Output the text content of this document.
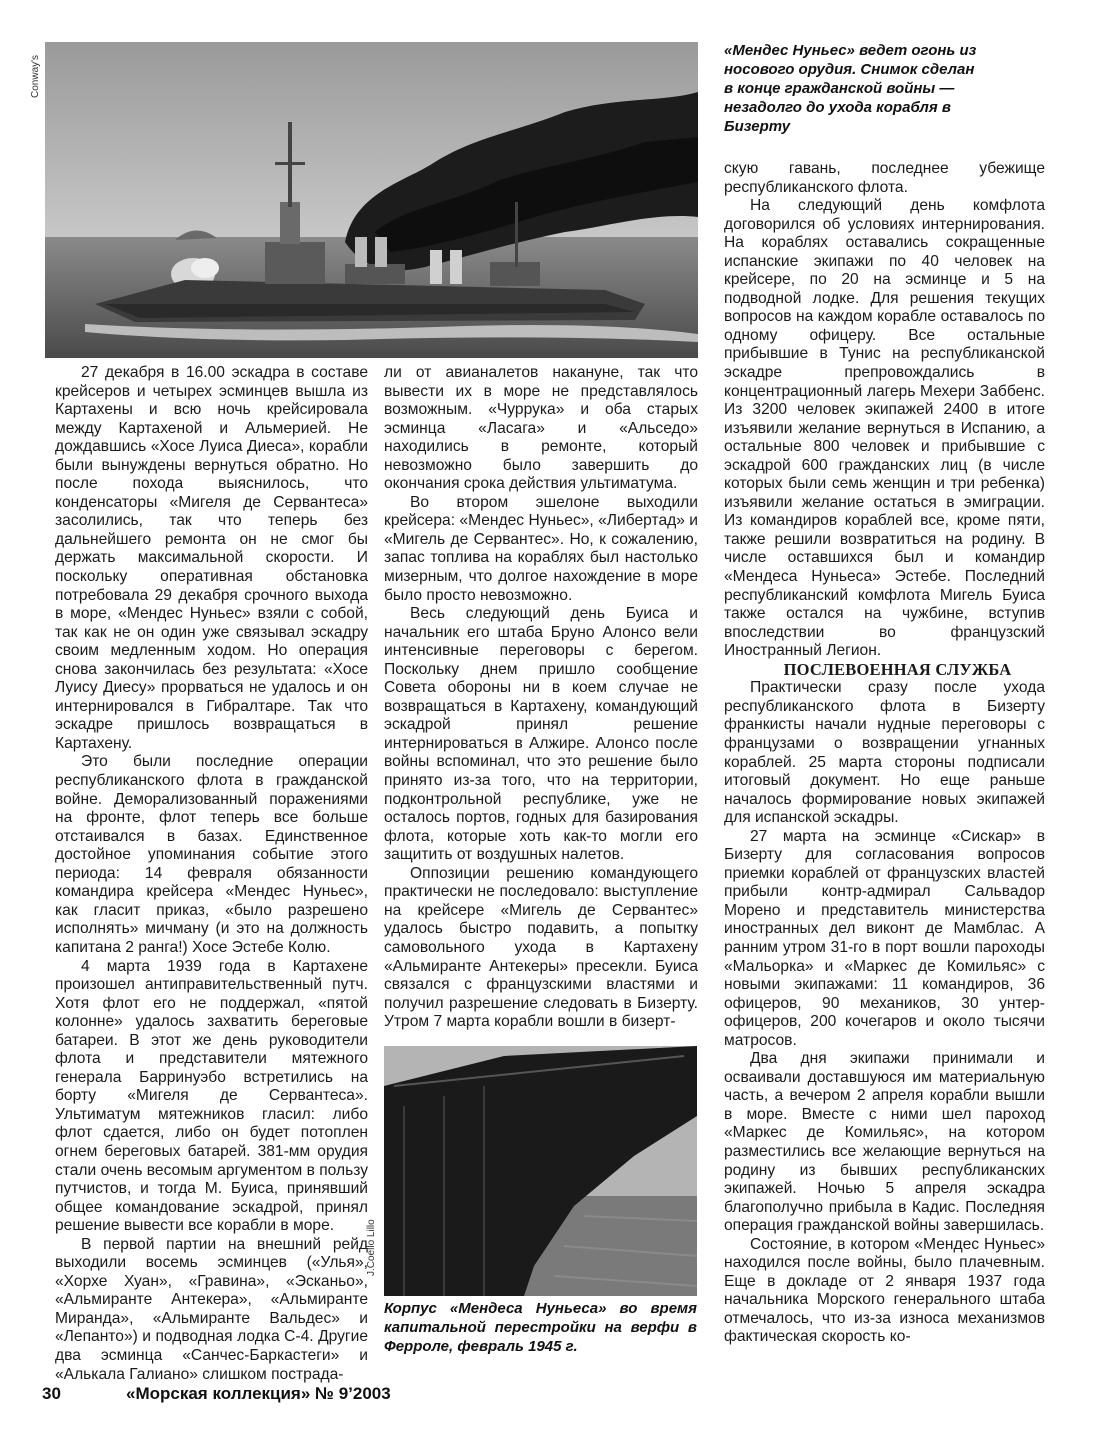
Conway's
«Мендес Нуньес» ведет огонь из носового орудия. Снимок сделан в конце гражданской войны — незадолго до ухода корабля в Бизерту

27 декабря в 16.00 эскадра в составе крейсеров и четырех эсминцев вышла из Картахены и всю ночь крейсировала между Картахеной и Альмерией. Не дождавшись «Хосе Луиса Диеса», корабли были вынуждены вернуться обратно. Но после похода выяснилось, что конденсаторы «Мигеля де Сервантеса» засолились, так что теперь без дальнейшего ремонта он не смог бы держать максимальной скорости. И поскольку оперативная обстановка потребовала 29 декабря срочного выхода в море, «Мендес Нуньес» взяли с собой, так как не он один уже связывал эскадру своим медленным ходом. Но операция снова закончилась без результата: «Хосе Луису Диесу» прорваться не удалось и он интернировался в Гибралтаре. Так что эскадре пришлось возвращаться в Картахену.

Это были последние операции республиканского флота в гражданской войне. Деморализованный поражениями на фронте, флот теперь все больше отстаивался в базах. Единственное достойное упоминания событие этого периода: 14 февраля обязанности командира крейсера «Мендес Нуньес», как гласит приказ, «было разрешено исполнять» мичману (и это на должность капитана 2 ранга!) Хосе Эстебе Колю.

4 марта 1939 года в Картахене произошел антиправительственный путч. Хотя флот его не поддержал, «пятой колонне» удалось захватить береговые батареи. В этот же день руководители флота и представители мятежного генерала Барринуэбо встретились на борту «Мигеля де Сервантеса». Ультиматум мятежников гласил: либо флот сдается, либо он будет потоплен огнем береговых батарей. 381-мм орудия стали очень весомым аргументом в пользу путчистов, и тогда М. Буиса, принявший общее командование эскадрой, принял решение вывести все корабли в море.

В первой партии на внешний рейд выходили восемь эсминцев («Улья», «Хорхе Хуан», «Гравина», «Эсканьо», «Альмиранте Антекера», «Альмиранте Миранда», «Альмиранте Вальдес» и «Лепанто») и подводная лодка С-4. Другие два эсминца «Санчес-Баркастеги» и «Алькала Галиано» слишком пострада-

ли от авианалетов накануне, так что вывести их в море не представлялось возможным. «Чуррука» и оба старых эсминца «Ласага» и «Альседо» находились в ремонте, который невозможно было завершить до окончания срока действия ультиматума.

Во втором эшелоне выходили крейсера: «Мендес Нуньес», «Либертад» и «Мигель де Сервантес». Но, к сожалению, запас топлива на кораблях был настолько мизерным, что долгое нахождение в море было просто невозможно.

Весь следующий день Буиса и начальник его штаба Бруно Алонсо вели интенсивные переговоры с берегом. Поскольку днем пришло сообщение Совета обороны ни в коем случае не возвращаться в Картахену, командующий эскадрой принял решение интернироваться в Алжире. Алонсо после войны вспоминал, что это решение было принято из-за того, что на территории, подконтрольной республике, уже не осталось портов, годных для базирования флота, которые хоть как-то могли его защитить от воздушных налетов.

Оппозиции решению командующего практически не последовало: выступление на крейсере «Мигель де Сервантес» удалось быстро подавить, а попытку самовольного ухода в Картахену «Альмиранте Антекеры» пресекли. Буиса связался с французскими властями и получил разрешение следовать в Бизерту. Утром 7 марта корабли вошли в бизерт-

J.Coello Lillo
Корпус «Мендеса Нуньеса» во время капитальной перестройки на верфи в Ферроле, февраль 1945 г.

скую гавань, последнее убежище республиканского флота.

На следующий день комфлота договорился об условиях интернирования. На кораблях оставались сокращенные испанские экипажи по 40 человек на крейсере, по 20 на эсминце и 5 на подводной лодке. Для решения текущих вопросов на каждом корабле оставалось по одному офицеру. Все остальные прибывшие в Тунис на республиканской эскадре препровождались в концентрационный лагерь Мехери Заббенс. Из 3200 человек экипажей 2400 в итоге изъявили желание вернуться в Испанию, а остальные 800 человек и прибывшие с эскадрой 600 гражданских лиц (в числе которых были семь женщин и три ребенка) изъявили желание остаться в эмиграции. Из командиров кораблей все, кроме пяти, также решили возвратиться на родину. В числе оставшихся был и командир «Мендеса Нуньеса» Эстебе. Последний республиканский комфлота Мигель Буиса также остался на чужбине, вступив впоследствии во французский Иностранный Легион.

ПОСЛЕВОЕННАЯ СЛУЖБА

Практически сразу после ухода республиканского флота в Бизерту франкисты начали нудные переговоры с французами о возвращении угнанных кораблей. 25 марта стороны подписали итоговый документ. Но еще раньше началось формирование новых экипажей для испанской эскадры.

27 марта на эсминце «Сискар» в Бизерту для согласования вопросов приемки кораблей от французских властей прибыли контр-адмирал Сальвадор Морено и представитель министерства иностранных дел виконт де Мамблас. А ранним утром 31-го в порт вошли пароходы «Мальорка» и «Маркес де Комильяс» с новыми экипажами: 11 командиров, 36 офицеров, 90 механиков, 30 унтер-офицеров, 200 кочегаров и около тысячи матросов.

Два дня экипажи принимали и осваивали доставшуюся им материальную часть, а вечером 2 апреля корабли вышли в море. Вместе с ними шел пароход «Маркес де Комильяс», на котором разместились все желающие вернуться на родину из бывших республиканских экипажей. Ночью 5 апреля эскадра благополучно прибыла в Кадис. Последняя операция гражданской войны завершилась.

Состояние, в котором «Мендес Нуньес» находился после войны, было плачевным. Еще в докладе от 2 января 1937 года начальника Морского генерального штаба отмечалось, что из-за износа механизмов фактическая скорость ко-

30	«Морская коллекция» № 9’2003
